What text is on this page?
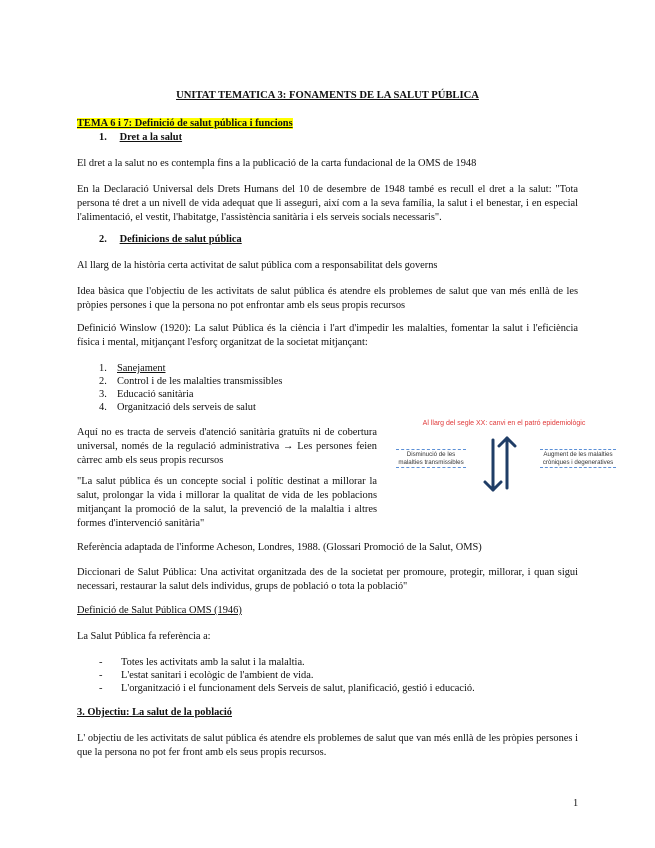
UNITAT TEMATICA 3: FONAMENTS DE LA SALUT PÚBLICA
TEMA 6 i 7: Definició de salut pública i funcions
1. Dret a la salut
El dret a la salut no es contempla fins a la publicació de la carta fundacional de la OMS de 1948
En la Declaració Universal dels Drets Humans del 10 de desembre de 1948 també es recull el dret a la salut: "Tota persona té dret a un nivell de vida adequat que li asseguri, així com a la seva família, la salut i el benestar, i en especial l'alimentació, el vestit, l'habitatge, l'assistència sanitària i els serveis socials necessaris".
2. Definicions de salut pública
Al llarg de la història certa activitat de salut pública com a responsabilitat dels governs
Idea bàsica que l'objectiu de les activitats de salut pública és atendre els problemes de salut que van més enllà de les pròpies persones i que la persona no pot enfrontar amb els seus propis recursos
Definició Winslow (1920): La salut Pública és la ciència i l'art d'impedir les malalties, fomentar la salut i l'eficiència física i mental, mitjançant l'esforç organitzat de la societat mitjançant:
1. Sanejament
2. Control i de les malalties transmissibles
3. Educació sanitària
4. Organització dels serveis de salut
Aquí no es tracta de serveis d'atenció sanitària gratuïts ni de cobertura universal, només de la regulació administrativa → Les persones feien càrrec amb els seus propis recursos
"La salut pública és un concepte social i polític destinat a millorar la salut, prolongar la vida i millorar la qualitat de vida de les poblacions mitjançant la promoció de la salut, la prevenció de la malaltia i altres formes d'intervenció sanitària"
Al llarg del segle XX: canvi en el patró epidemiològic
Disminució de les malalties transmissibles
Augment de les malalties cròniques i degeneratives
Referència adaptada de l'informe Acheson, Londres, 1988. (Glossari Promoció de la Salut, OMS)
Diccionari de Salut Pública: Una activitat organitzada des de la societat per promoure, protegir, millorar, i quan sigui necessari, restaurar la salut dels individus, grups de població o tota la població"
Definició de Salut Pública OMS (1946)
La Salut Pública fa referència a:
- Totes les activitats amb la salut i la malaltia.
- L'estat sanitari i ecològic de l'ambient de vida.
- L'organització i el funcionament dels Serveis de salut, planificació, gestió i educació.
3. Objectiu: La salut de la població
L' objectiu de les activitats de salut pública és atendre els problemes de salut que van més enllà de les pròpies persones i que la persona no pot fer front amb els seus propis recursos.
1
